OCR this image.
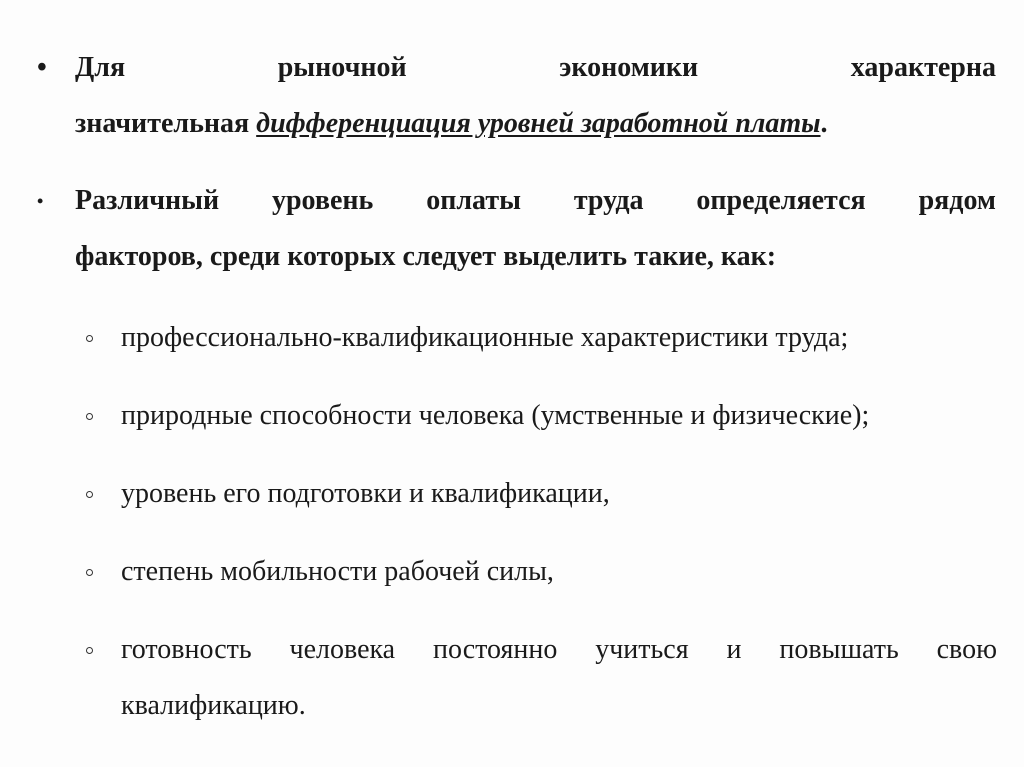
• Для рыночной экономики характерна
значительная дифференциация уровней заработной платы.
• Различный уровень оплаты труда определяется рядом
факторов, среди которых следует выделить такие, как:
профессионально-квалификационные характеристики труда;
природные способности человека (умственные и физические);
уровень его подготовки и квалификации,
степень мобильности рабочей силы,
готовность человека постоянно учиться и повышать свою
квалификацию.
